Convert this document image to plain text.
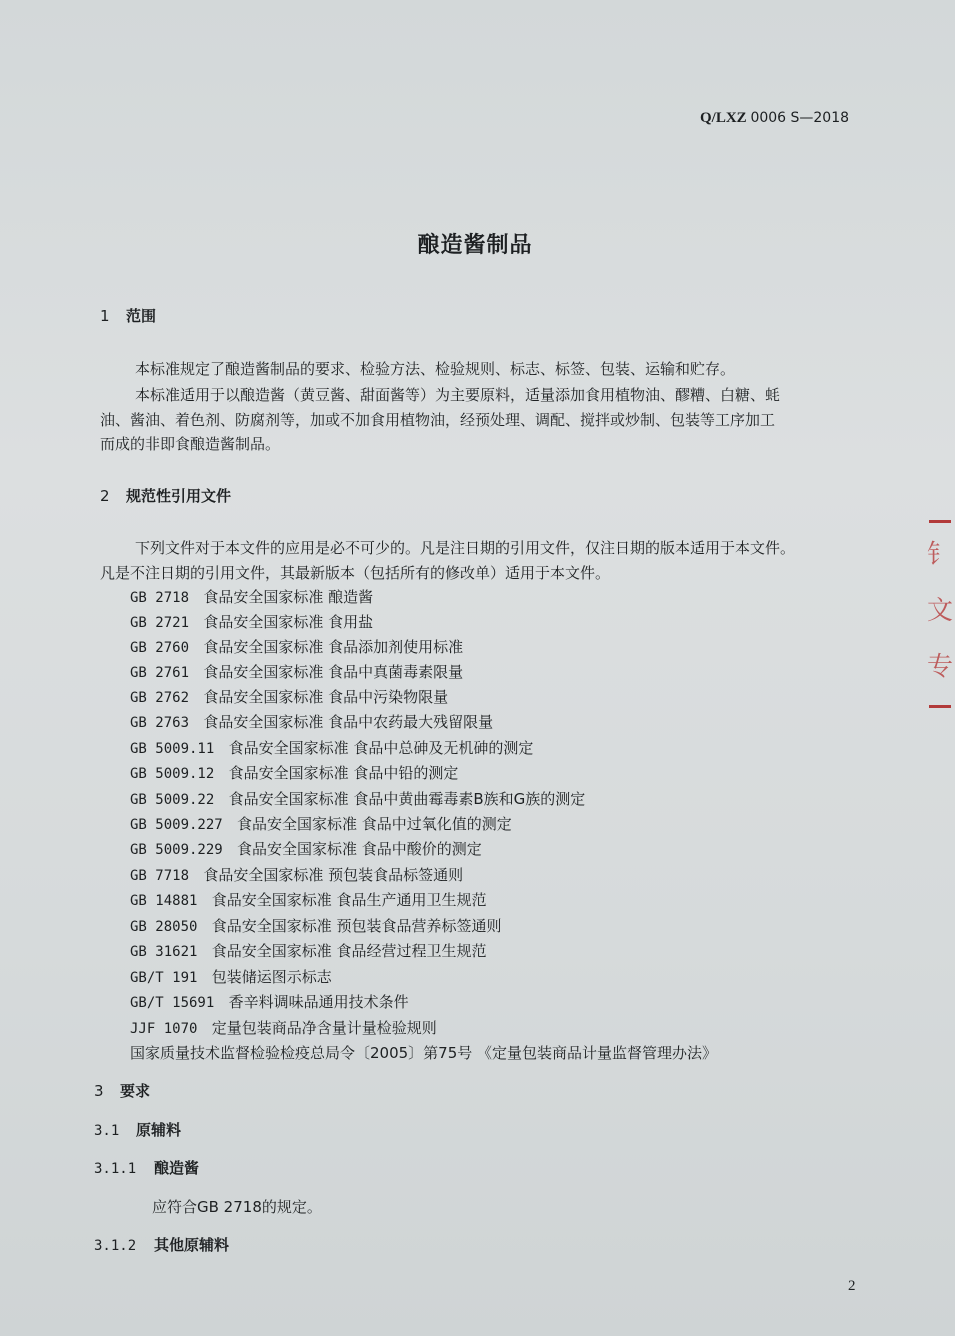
Q/LXZ 0006 S—2018
酿造酱制品
1 范围

本标准规定了酿造酱制品的要求、检验方法、检验规则、标志、标签、包装、运输和贮存。

本标准适用于以酿造酱（黄豆酱、甜面酱等）为主要原料，适量添加食用植物油、醪糟、白糖、蚝

油、酱油、着色剂、防腐剂等，加或不加食用植物油，经预处理、调配、搅拌或炒制、包装等工序加工

而成的非即食酿造酱制品。

2 规范性引用文件

下列文件对于本文件的应用是必不可少的。凡是注日期的引用文件，仅注日期的版本适用于本文件。

凡是不注日期的引用文件，其最新版本（包括所有的修改单）适用于本文件。

GB 2718 食品安全国家标准 酿造酱
GB 2721 食品安全国家标准 食用盐
GB 2760 食品安全国家标准 食品添加剂使用标准
GB 2761 食品安全国家标准 食品中真菌毒素限量
GB 2762 食品安全国家标准 食品中污染物限量
GB 2763 食品安全国家标准 食品中农药最大残留限量
GB 5009.11 食品安全国家标准 食品中总砷及无机砷的测定
GB 5009.12 食品安全国家标准 食品中铅的测定
GB 5009.22 食品安全国家标准 食品中黄曲霉毒素B族和G族的测定
GB 5009.227 食品安全国家标准 食品中过氧化值的测定
GB 5009.229 食品安全国家标准 食品中酸价的测定
GB 7718 食品安全国家标准 预包装食品标签通则
GB 14881 食品安全国家标准 食品生产通用卫生规范
GB 28050 食品安全国家标准 预包装食品营养标签通则
GB 31621 食品安全国家标准 食品经营过程卫生规范
GB/T 191 包装储运图示标志
GB/T 15691 香辛料调味品通用技术条件
JJF 1070 定量包装商品净含量计量检验规则
国家质量技术监督检验检疫总局令〔2005〕第75号 《定量包装商品计量监督管理办法》
3 要求
3.1 原辅料
3.1.1 酿造酱

应符合GB 2718的规定。

3.1.2 其他原辅料
2
钅
文
专
